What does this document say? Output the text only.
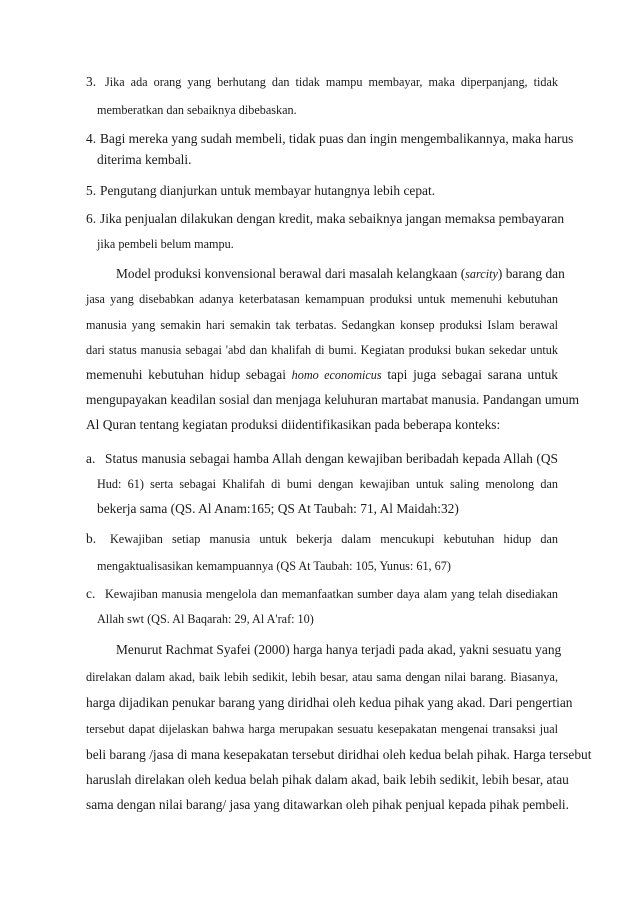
3. Jika ada orang yang berhutang dan tidak mampu membayar, maka diperpanjang, tidak

memberatkan dan sebaiknya dibebaskan.

4. Bagi mereka yang sudah membeli, tidak puas dan ingin mengembalikannya, maka harus

diterima kembali.

5. Pengutang dianjurkan untuk membayar hutangnya lebih cepat.

6. Jika penjualan dilakukan dengan kredit, maka sebaiknya jangan memaksa pembayaran

jika pembeli belum mampu.

Model produksi konvensional berawal dari masalah kelangkaan (sarcity) barang dan

jasa yang disebabkan adanya keterbatasan kemampuan produksi untuk memenuhi kebutuhan

manusia yang semakin hari semakin tak terbatas. Sedangkan konsep produksi Islam berawal

dari status manusia sebagai 'abd dan khalifah di bumi. Kegiatan produksi bukan sekedar untuk

memenuhi kebutuhan hidup sebagai homo economicus tapi juga sebagai sarana untuk

mengupayakan keadilan sosial dan menjaga keluhuran martabat manusia. Pandangan umum

Al Quran tentang kegiatan produksi diidentifikasikan pada beberapa konteks:

a. Status manusia sebagai hamba Allah dengan kewajiban beribadah kepada Allah (QS

Hud: 61) serta sebagai Khalifah di bumi dengan kewajiban untuk saling menolong dan

bekerja sama (QS. Al Anam:165; QS At Taubah: 71, Al Maidah:32)

b. Kewajiban setiap manusia untuk bekerja dalam mencukupi kebutuhan hidup dan

mengaktualisasikan kemampuannya (QS At Taubah: 105, Yunus: 61, 67)

c. Kewajiban manusia mengelola dan memanfaatkan sumber daya alam yang telah disediakan

Allah swt (QS. Al Baqarah: 29, Al A'raf: 10)

Menurut Rachmat Syafei (2000) harga hanya terjadi pada akad, yakni sesuatu yang

direlakan dalam akad, baik lebih sedikit, lebih besar, atau sama dengan nilai barang. Biasanya,

harga dijadikan penukar barang yang diridhai oleh kedua pihak yang akad. Dari pengertian

tersebut dapat dijelaskan bahwa harga merupakan sesuatu kesepakatan mengenai transaksi jual

beli barang /jasa di mana kesepakatan tersebut diridhai oleh kedua belah pihak. Harga tersebut

haruslah direlakan oleh kedua belah pihak dalam akad, baik lebih sedikit, lebih besar, atau

sama dengan nilai barang/ jasa yang ditawarkan oleh pihak penjual kepada pihak pembeli.
